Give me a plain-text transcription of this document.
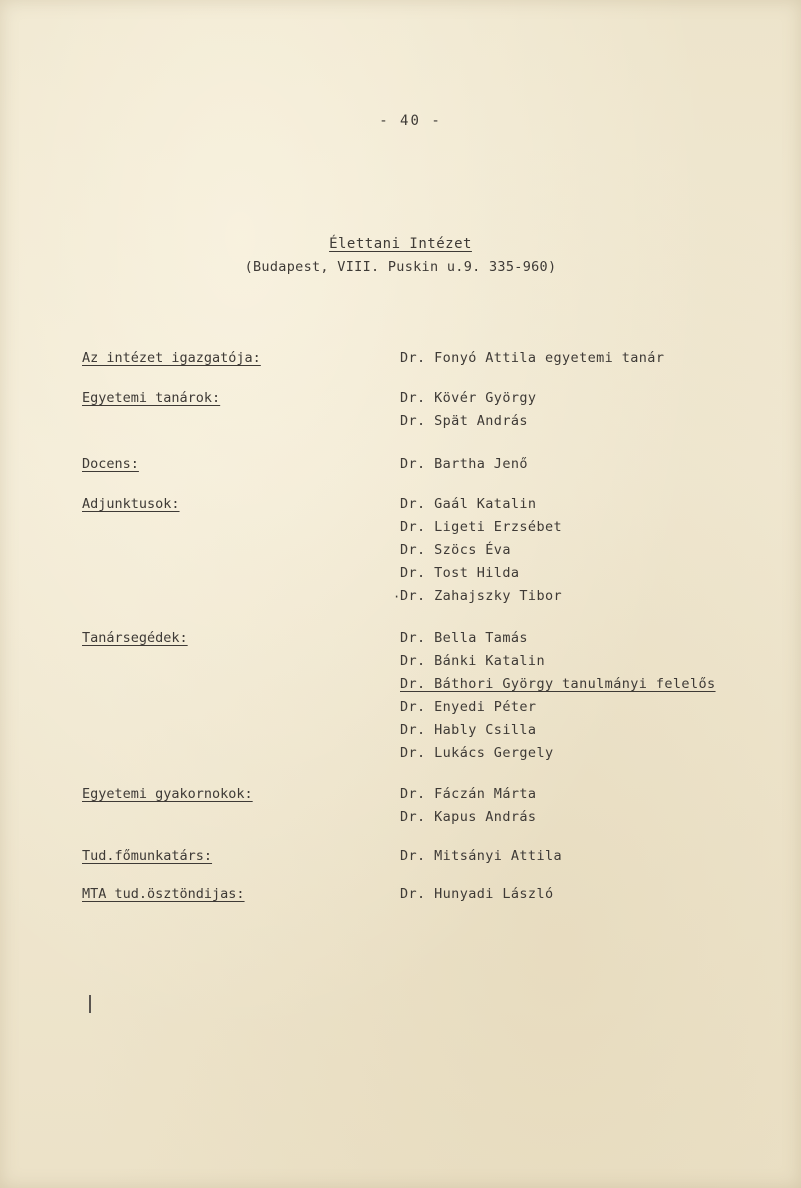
- 40 -
Élettani Intézet
(Budapest, VIII. Puskin u.9. 335-960)
Az intézet igazgatója:	Dr. Fonyó Attila egyetemi tanár
Egyetemi tanárok:	Dr. Kövér György
Dr. Spät András
Docens:	Dr. Bartha Jenő
Adjunktusok:	Dr. Gaál Katalin
Dr. Ligeti Erzsébet
Dr. Szöcs Éva
Dr. Tost Hilda
Dr. Zahajszky Tibor
·
Tanársegédek:	Dr. Bella Tamás
Dr. Bánki Katalin
Dr. Báthori György tanulmányi felelős
Dr. Enyedi Péter
Dr. Hably Csilla
Dr. Lukács Gergely
Egyetemi gyakornokok:	Dr. Fáczán Márta
Dr. Kapus András
Tud.főmunkatárs:	Dr. Mitsányi Attila
MTA tud.ösztöndijas:	Dr. Hunyadi László
